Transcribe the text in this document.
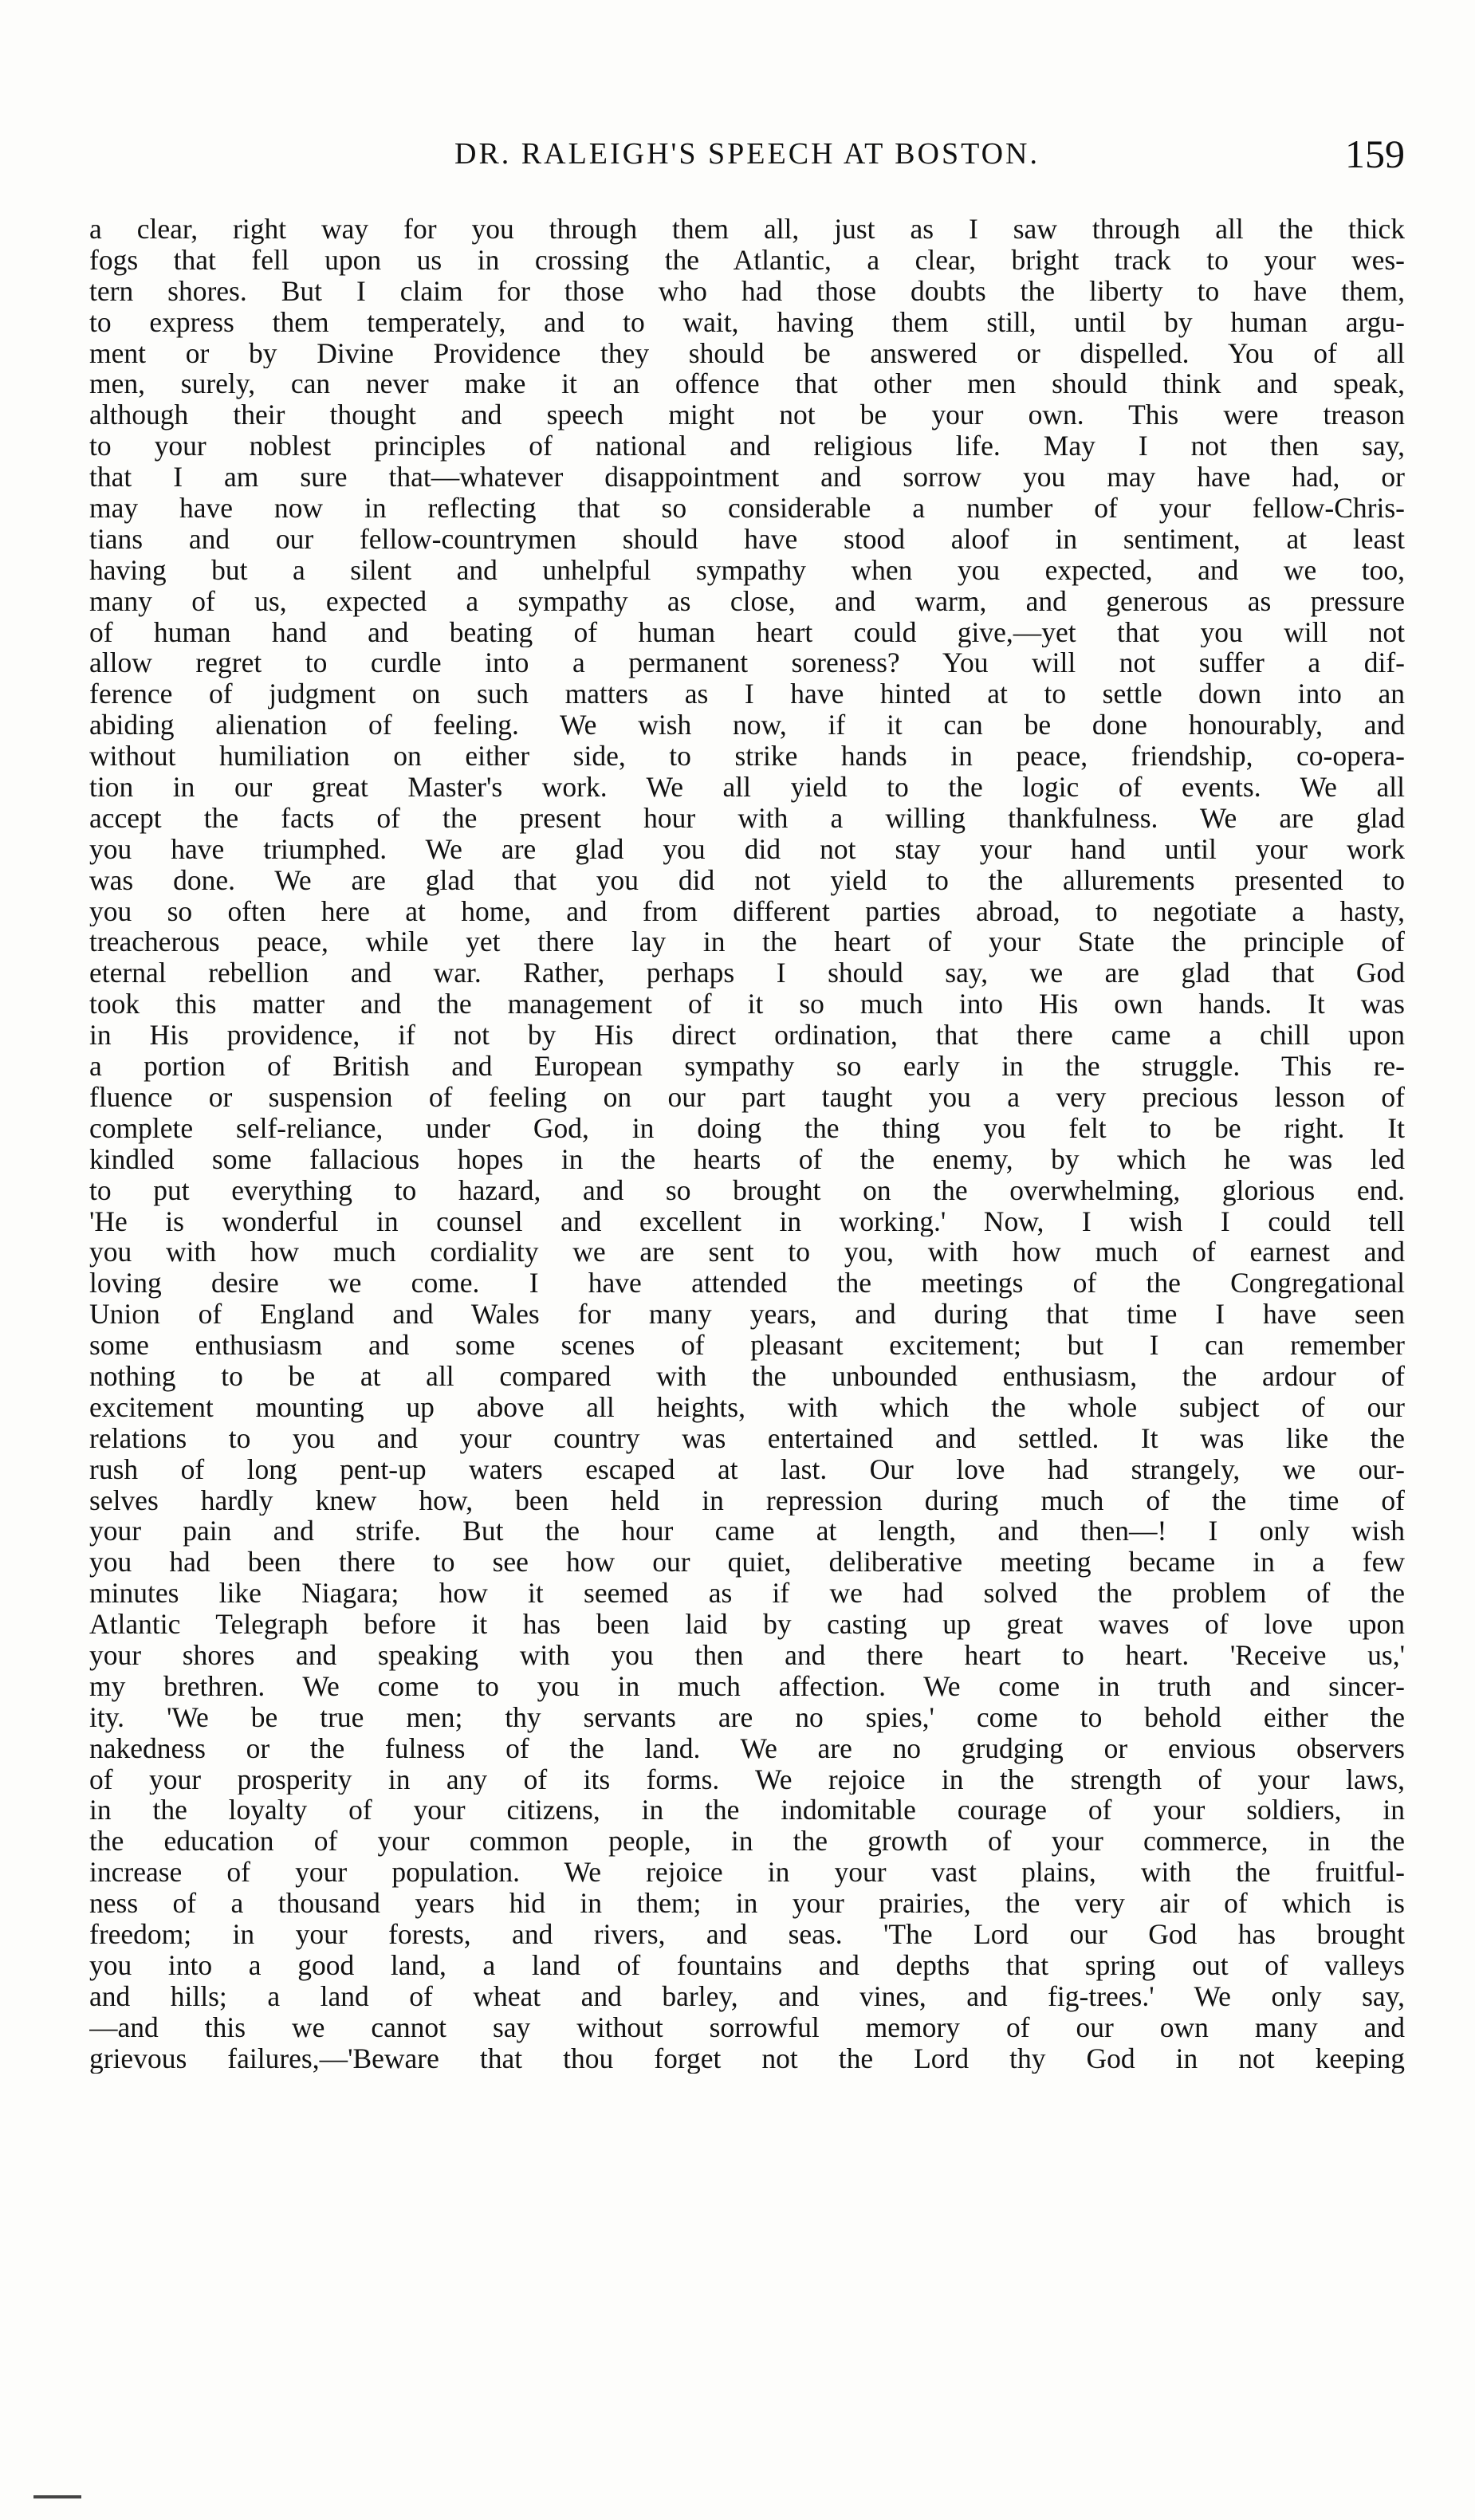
DR. RALEIGH'S SPEECH AT BOSTON.	159
a clear, right way for you through them all, just as I saw through all the thick
fogs that fell upon us in crossing the Atlantic, a clear, bright track to your wes-
tern shores. But I claim for those who had those doubts the liberty to have them,
to express them temperately, and to wait, having them still, until by human argu-
ment or by Divine Providence they should be answered or dispelled. You of all
men, surely, can never make it an offence that other men should think and speak,
although their thought and speech might not be your own. This were treason
to your noblest principles of national and religious life. May I not then say,
that I am sure that—whatever disappointment and sorrow you may have had, or
may have now in reflecting that so considerable a number of your fellow-Chris-
tians and our fellow-countrymen should have stood aloof in sentiment, at least
having but a silent and unhelpful sympathy when you expected, and we too,
many of us, expected a sympathy as close, and warm, and generous as pressure
of human hand and beating of human heart could give,—yet that you will not
allow regret to curdle into a permanent soreness? You will not suffer a dif-
ference of judgment on such matters as I have hinted at to settle down into an
abiding alienation of feeling. We wish now, if it can be done honourably, and
without humiliation on either side, to strike hands in peace, friendship, co-opera-
tion in our great Master's work. We all yield to the logic of events. We all
accept the facts of the present hour with a willing thankfulness. We are glad
you have triumphed. We are glad you did not stay your hand until your work
was done. We are glad that you did not yield to the allurements presented to
you so often here at home, and from different parties abroad, to negotiate a hasty,
treacherous peace, while yet there lay in the heart of your State the principle of
eternal rebellion and war. Rather, perhaps I should say, we are glad that God
took this matter and the management of it so much into His own hands. It was
in His providence, if not by His direct ordination, that there came a chill upon
a portion of British and European sympathy so early in the struggle. This re-
fluence or suspension of feeling on our part taught you a very precious lesson of
complete self-reliance, under God, in doing the thing you felt to be right. It
kindled some fallacious hopes in the hearts of the enemy, by which he was led
to put everything to hazard, and so brought on the overwhelming, glorious end.
'He is wonderful in counsel and excellent in working.' Now, I wish I could tell
you with how much cordiality we are sent to you, with how much of earnest and
loving desire we come. I have attended the meetings of the Congregational
Union of England and Wales for many years, and during that time I have seen
some enthusiasm and some scenes of pleasant excitement; but I can remember
nothing to be at all compared with the unbounded enthusiasm, the ardour of
excitement mounting up above all heights, with which the whole subject of our
relations to you and your country was entertained and settled. It was like the
rush of long pent-up waters escaped at last. Our love had strangely, we our-
selves hardly knew how, been held in repression during much of the time of
your pain and strife. But the hour came at length, and then—! I only wish
you had been there to see how our quiet, deliberative meeting became in a few
minutes like Niagara; how it seemed as if we had solved the problem of the
Atlantic Telegraph before it has been laid by casting up great waves of love upon
your shores and speaking with you then and there heart to heart. 'Receive us,'
my brethren. We come to you in much affection. We come in truth and sincer-
ity. 'We be true men; thy servants are no spies,' come to behold either the
nakedness or the fulness of the land. We are no grudging or envious observers
of your prosperity in any of its forms. We rejoice in the strength of your laws,
in the loyalty of your citizens, in the indomitable courage of your soldiers, in
the education of your common people, in the growth of your commerce, in the
increase of your population. We rejoice in your vast plains, with the fruitful-
ness of a thousand years hid in them; in your prairies, the very air of which is
freedom; in your forests, and rivers, and seas. 'The Lord our God has brought
you into a good land, a land of fountains and depths that spring out of valleys
and hills; a land of wheat and barley, and vines, and fig-trees.' We only say,
—and this we cannot say without sorrowful memory of our own many and
grievous failures,—'Beware that thou forget not the Lord thy God in not keeping
